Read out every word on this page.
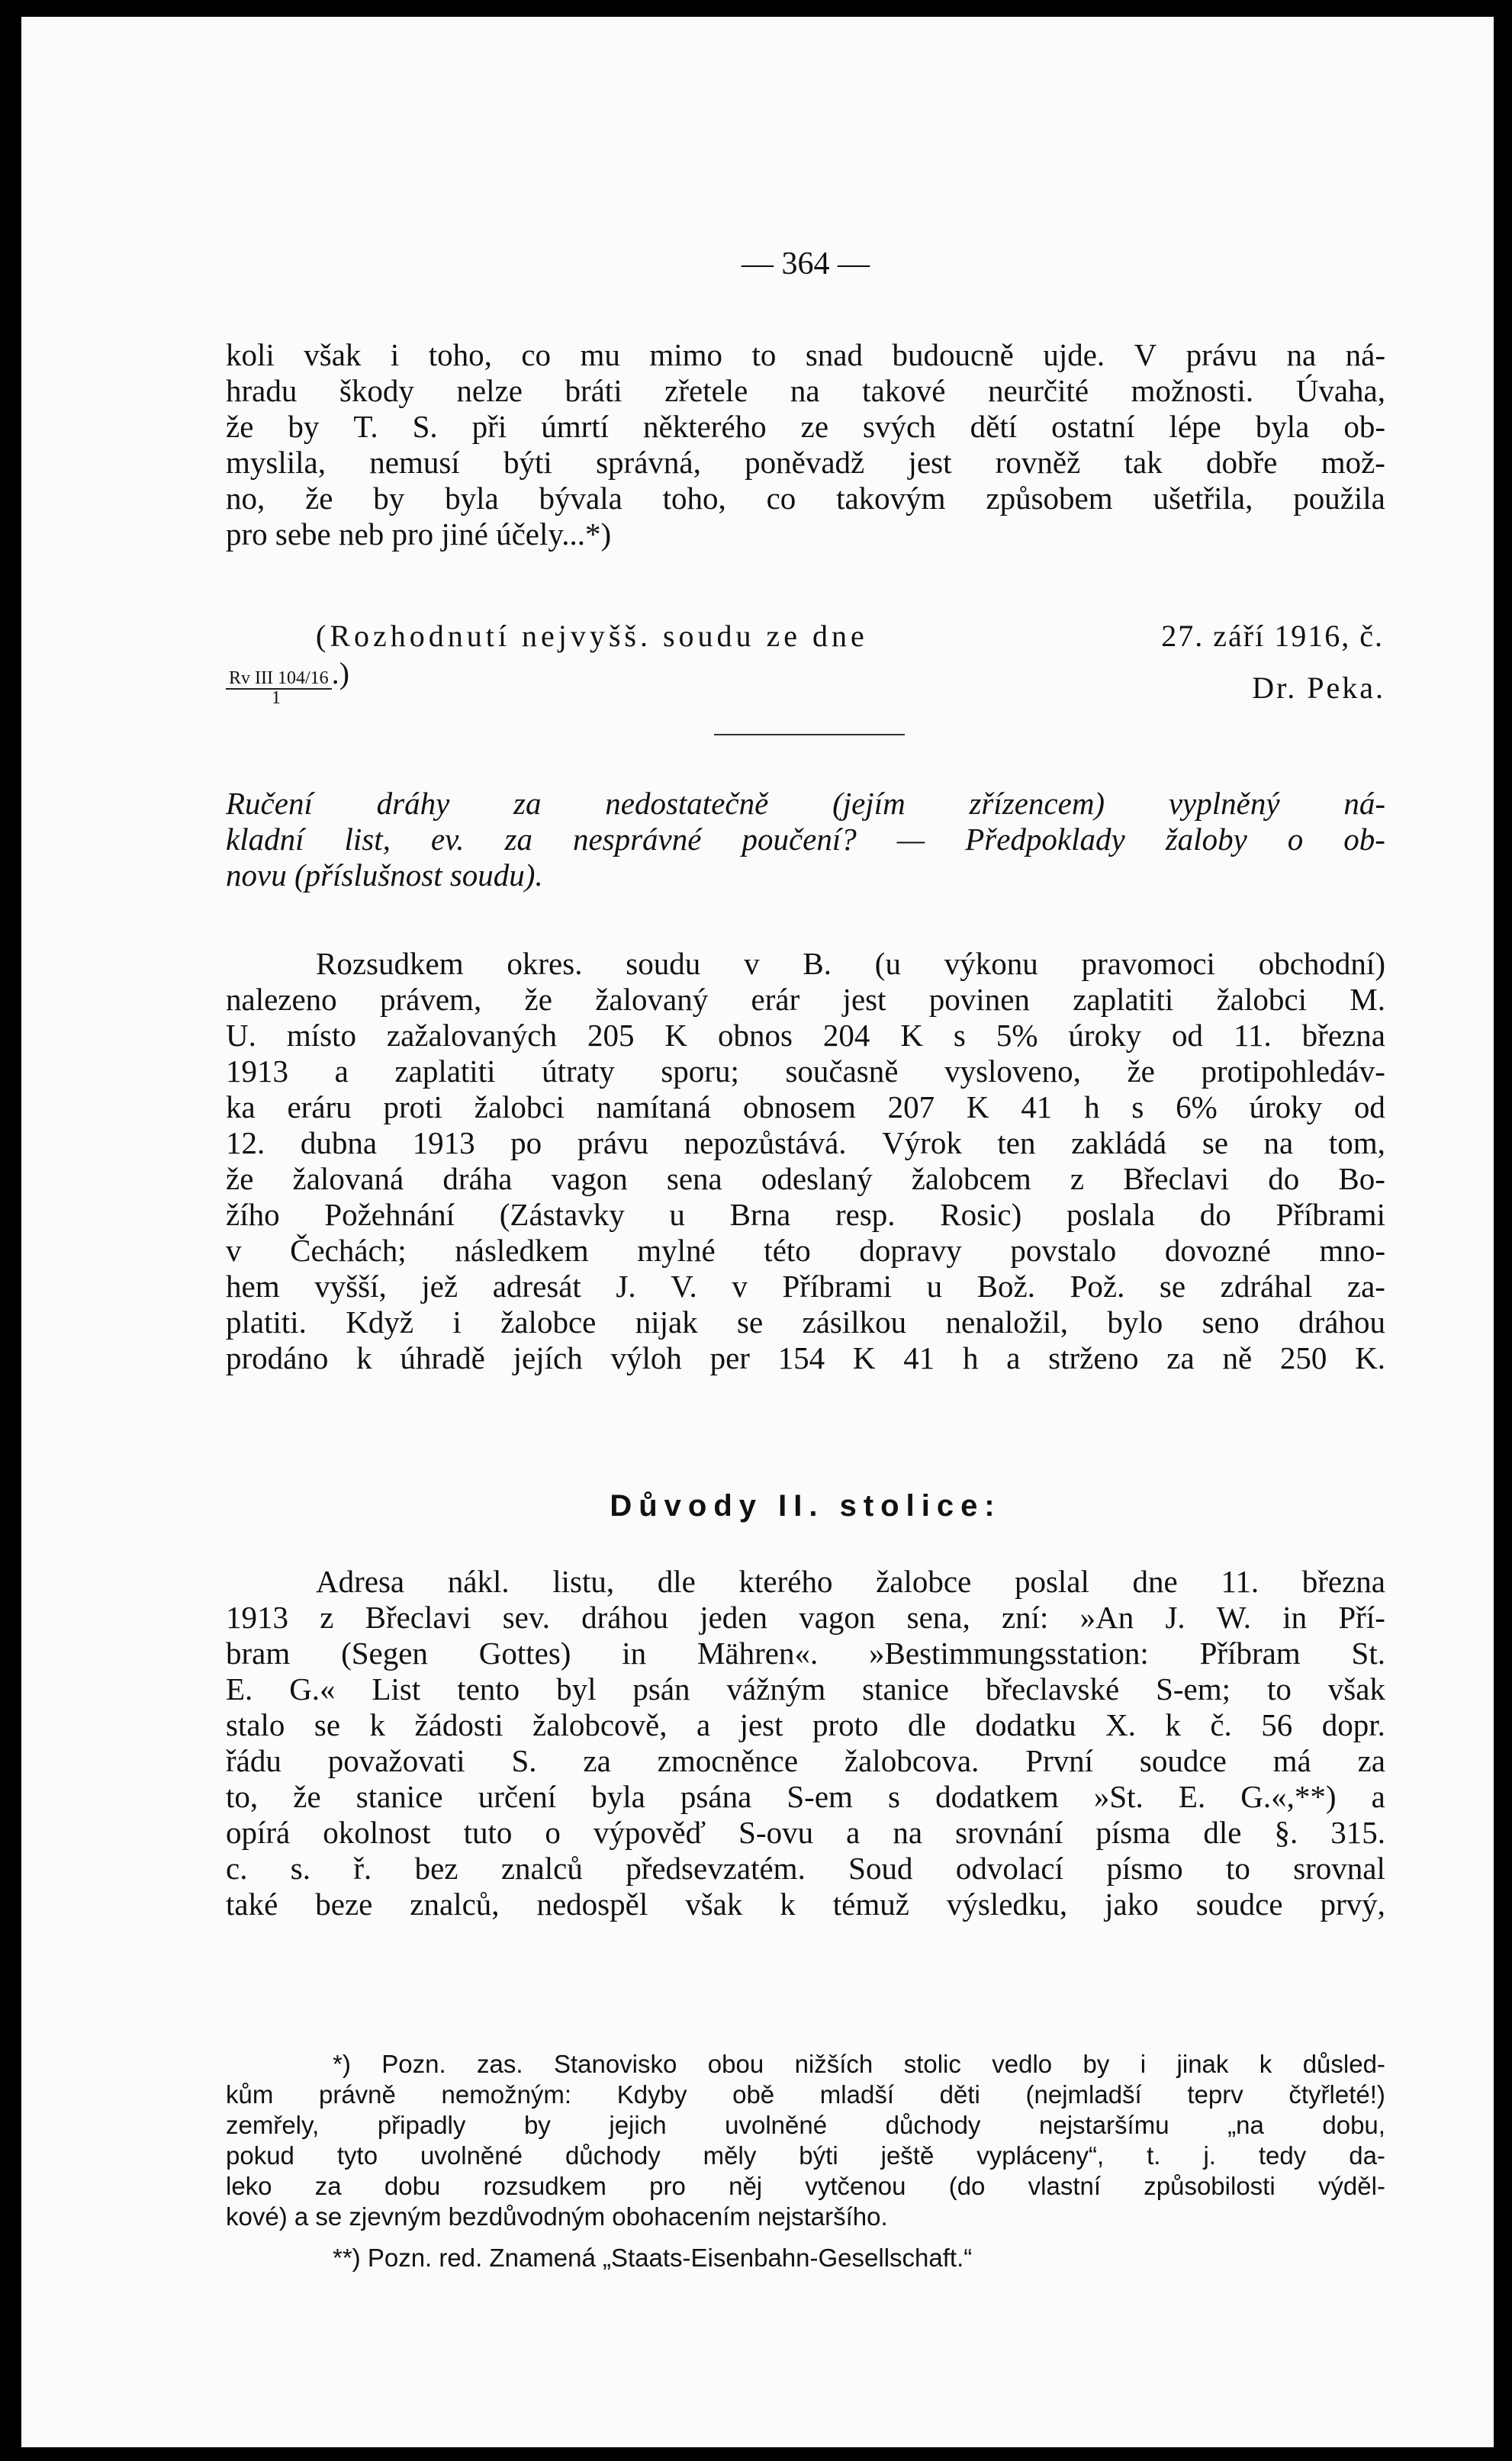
— 364 —
koli však i toho, co mu mimo to snad budoucně ujde. V právu na ná-
hradu škody nelze bráti zřetele na takové neurčité možnosti. Úvaha,
že by T. S. při úmrtí některého ze svých dětí ostatní lépe byla ob-
myslila, nemusí býti správná, poněvadž jest rovněž tak dobře mož-
no, že by byla bývala toho, co takovým způsobem ušetřila, použila
pro sebe neb pro jiné účely...*)
(Rozhodnutí nejvyšš. soudu ze dne	27. září 1916, č.
Rv III 104/16 .)
1	Dr. Peka.
Ručení dráhy za nedostatečně (jejím zřízencem) vyplněný ná-
kladní list, ev. za nesprávné poučení? — Předpoklady žaloby o ob-
novu (příslušnost soudu).
Rozsudkem okres. soudu v B. (u výkonu pravomoci obchodní)
nalezeno právem, že žalovaný erár jest povinen zaplatiti žalobci M.
U. místo zažalovaných 205 K obnos 204 K s 5% úroky od 11. března
1913 a zaplatiti útraty sporu; současně vysloveno, že protipohledáv-
ka eráru proti žalobci namítaná obnosem 207 K 41 h s 6% úroky od
12. dubna 1913 po právu nepozůstává. Výrok ten zakládá se na tom,
že žalovaná dráha vagon sena odeslaný žalobcem z Břeclavi do Bo-
žího Požehnání (Zástavky u Brna resp. Rosic) poslala do Příbrami
v Čechách; následkem mylné této dopravy povstalo dovozné mno-
hem vyšší, jež adresát J. V. v Příbrami u Bož. Pož. se zdráhal za-
platiti. Když i žalobce nijak se zásilkou nenaložil, bylo seno dráhou
prodáno k úhradě jejích výloh per 154 K 41 h a strženo za ně 250 K.
Důvody II. stolice:
Adresa nákl. listu, dle kterého žalobce poslal dne 11. března
1913 z Břeclavi sev. dráhou jeden vagon sena, zní: »An J. W. in Pří-
bram (Segen Gottes) in Mähren«. »Bestimmungsstation: Příbram St.
E. G.« List tento byl psán vážným stanice břeclavské S-em; to však
stalo se k žádosti žalobcově, a jest proto dle dodatku X. k č. 56 dopr.
řádu považovati S. za zmocněnce žalobcova. První soudce má za
to, že stanice určení byla psána S-em s dodatkem »St. E. G.«,**) a
opírá okolnost tuto o výpověď S-ovu a na srovnání písma dle §. 315.
c. s. ř. bez znalců předsevzatém. Soud odvolací písmo to srovnal
také beze znalců, nedospěl však k témuž výsledku, jako soudce prvý,
*) Pozn. zas. Stanovisko obou nižších stolic vedlo by i jinak k důsled-
kům právně nemožným: Kdyby obě mladší děti (nejmladší teprv čtyřleté!)
zemřely, připadly by jejich uvolněné důchody nejstaršímu „na dobu,
pokud tyto uvolněné důchody měly býti ještě vypláceny“, t. j. tedy da-
leko za dobu rozsudkem pro něj vytčenou (do vlastní způsobilosti výděl-
kové) a se zjevným bezdůvodným obohacením nejstaršího.
**) Pozn. red. Znamená „Staats-Eisenbahn-Gesellschaft.“
